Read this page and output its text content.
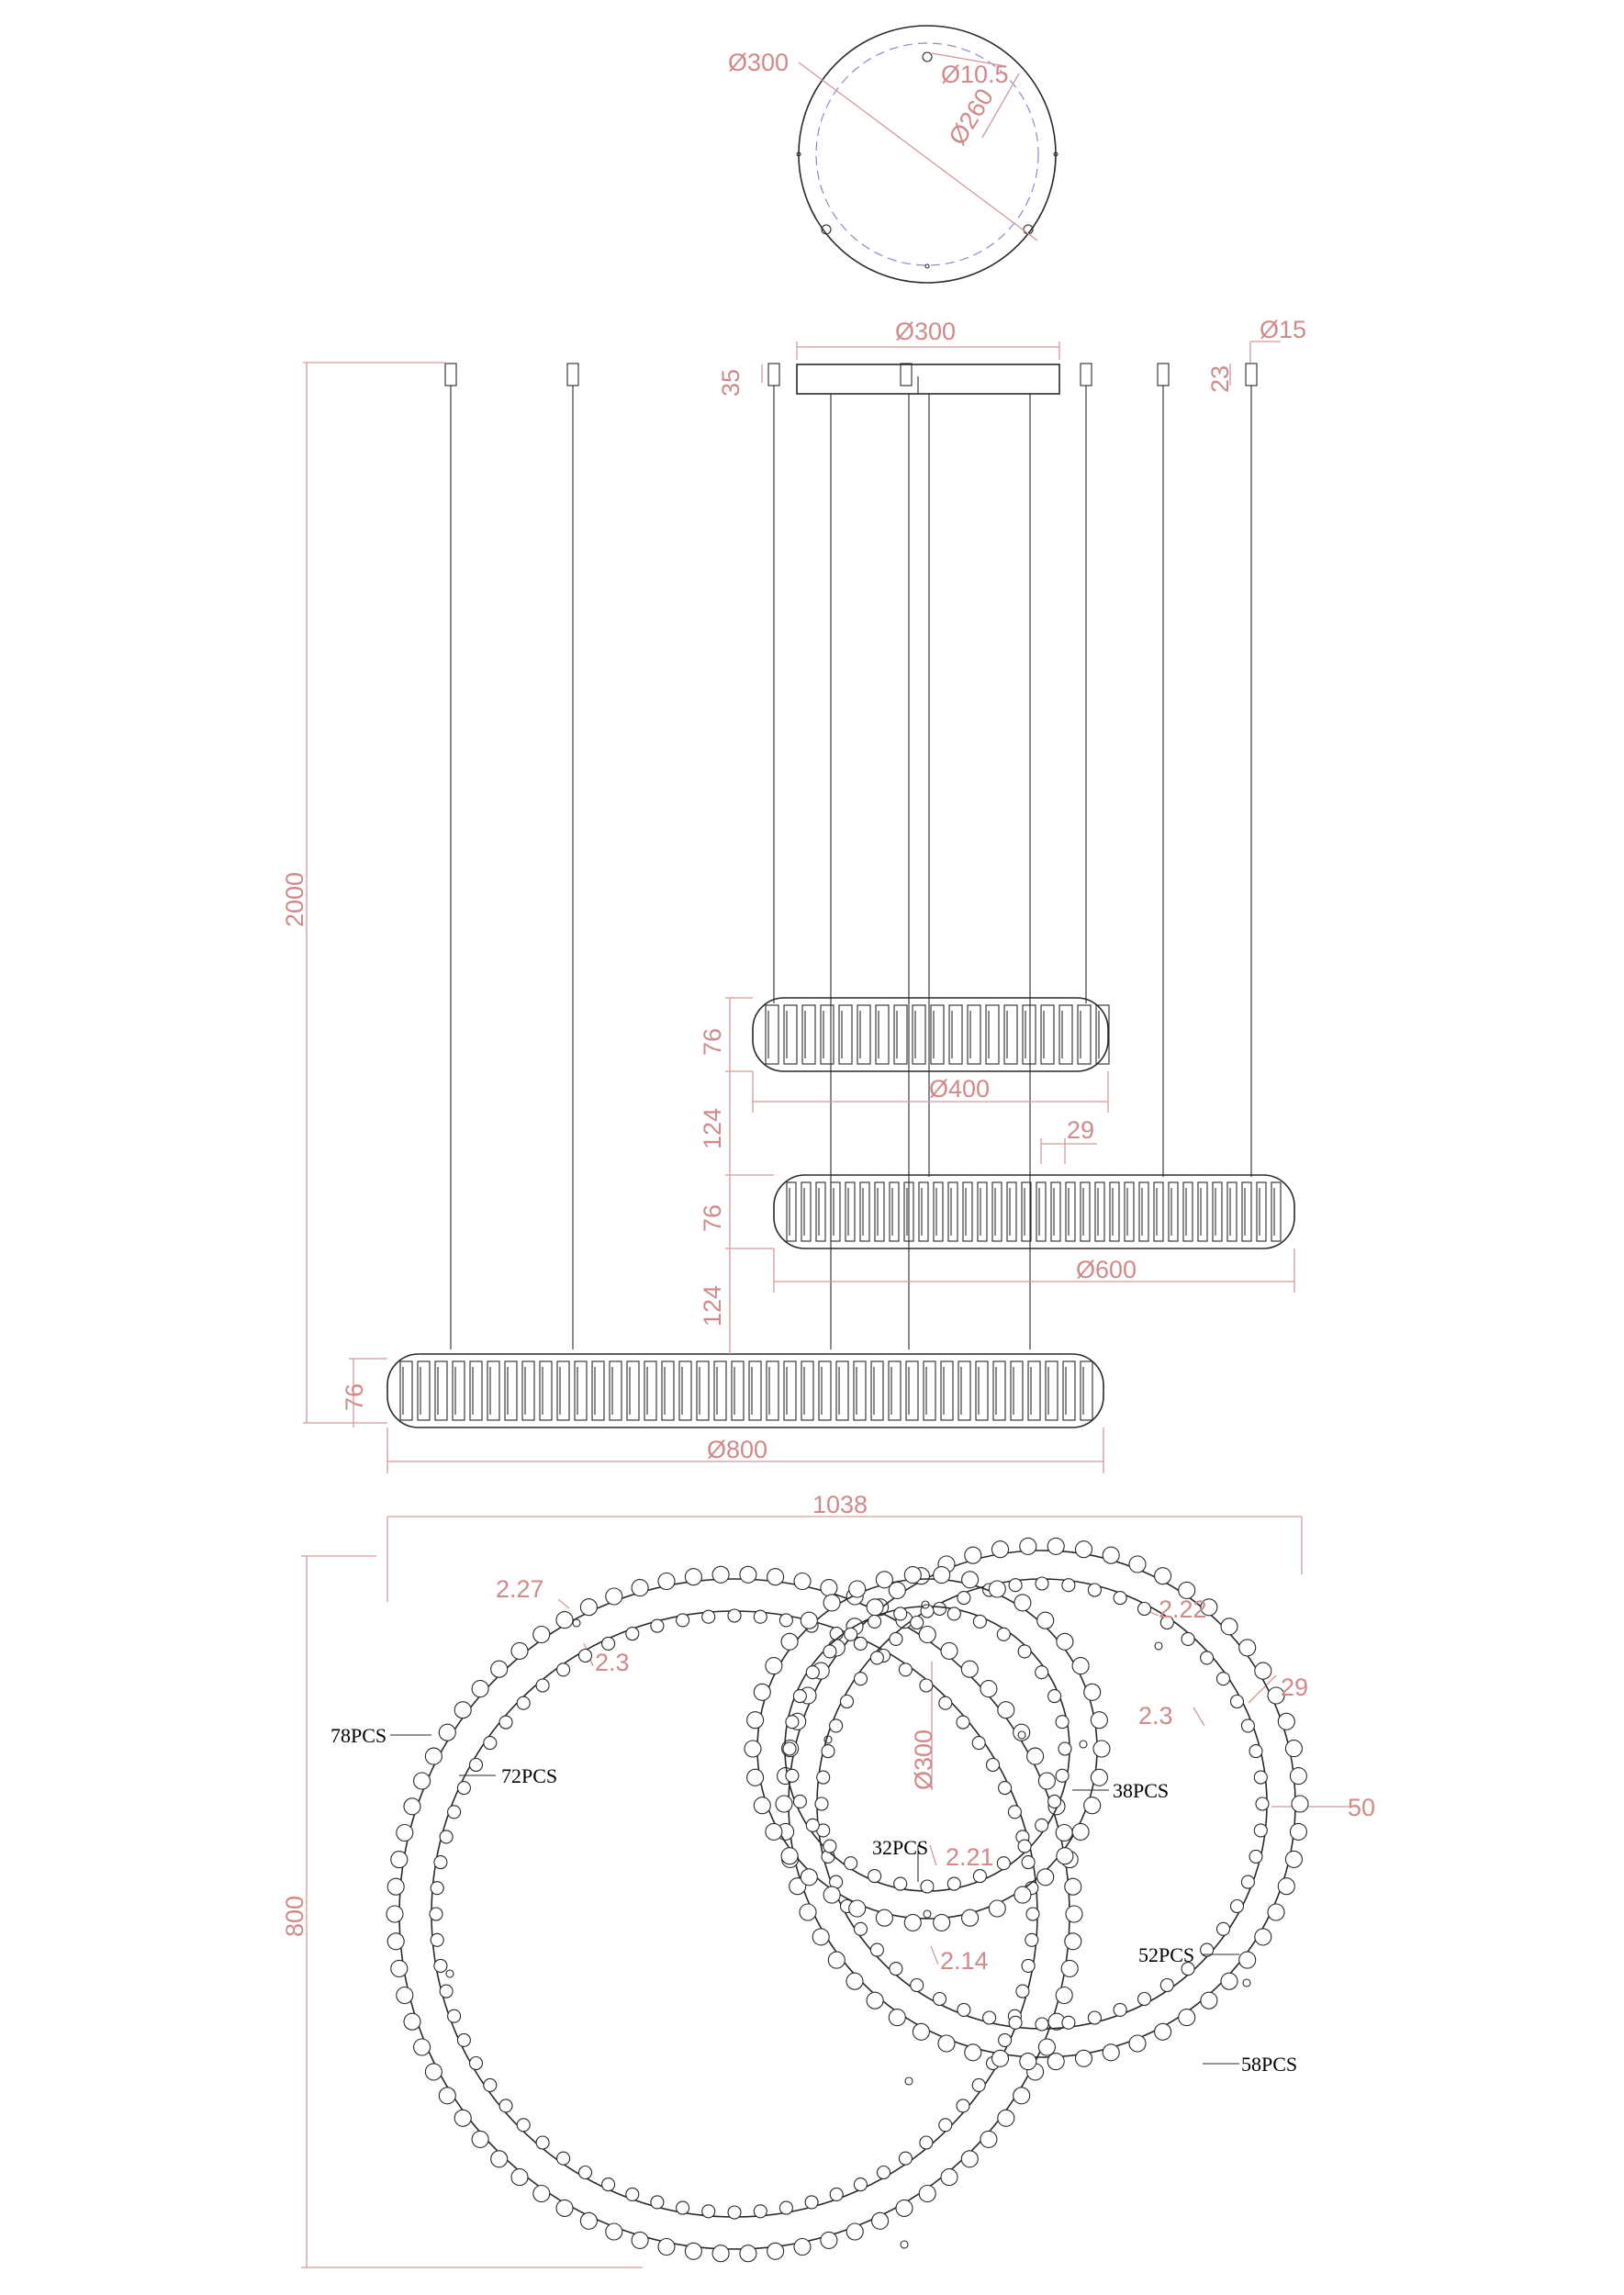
Ø300	Ø10.5
Ø260
Ø300	Ø15
23
35
2000
76
124
76
124
76
29
Ø400
Ø600
Ø800
1038
800
Ø300
2.27
2.3
2.22
29
2.3
50
2.21
2.14
78PCS
72PCS
38PCS
32PCS
52PCS
58PCS
